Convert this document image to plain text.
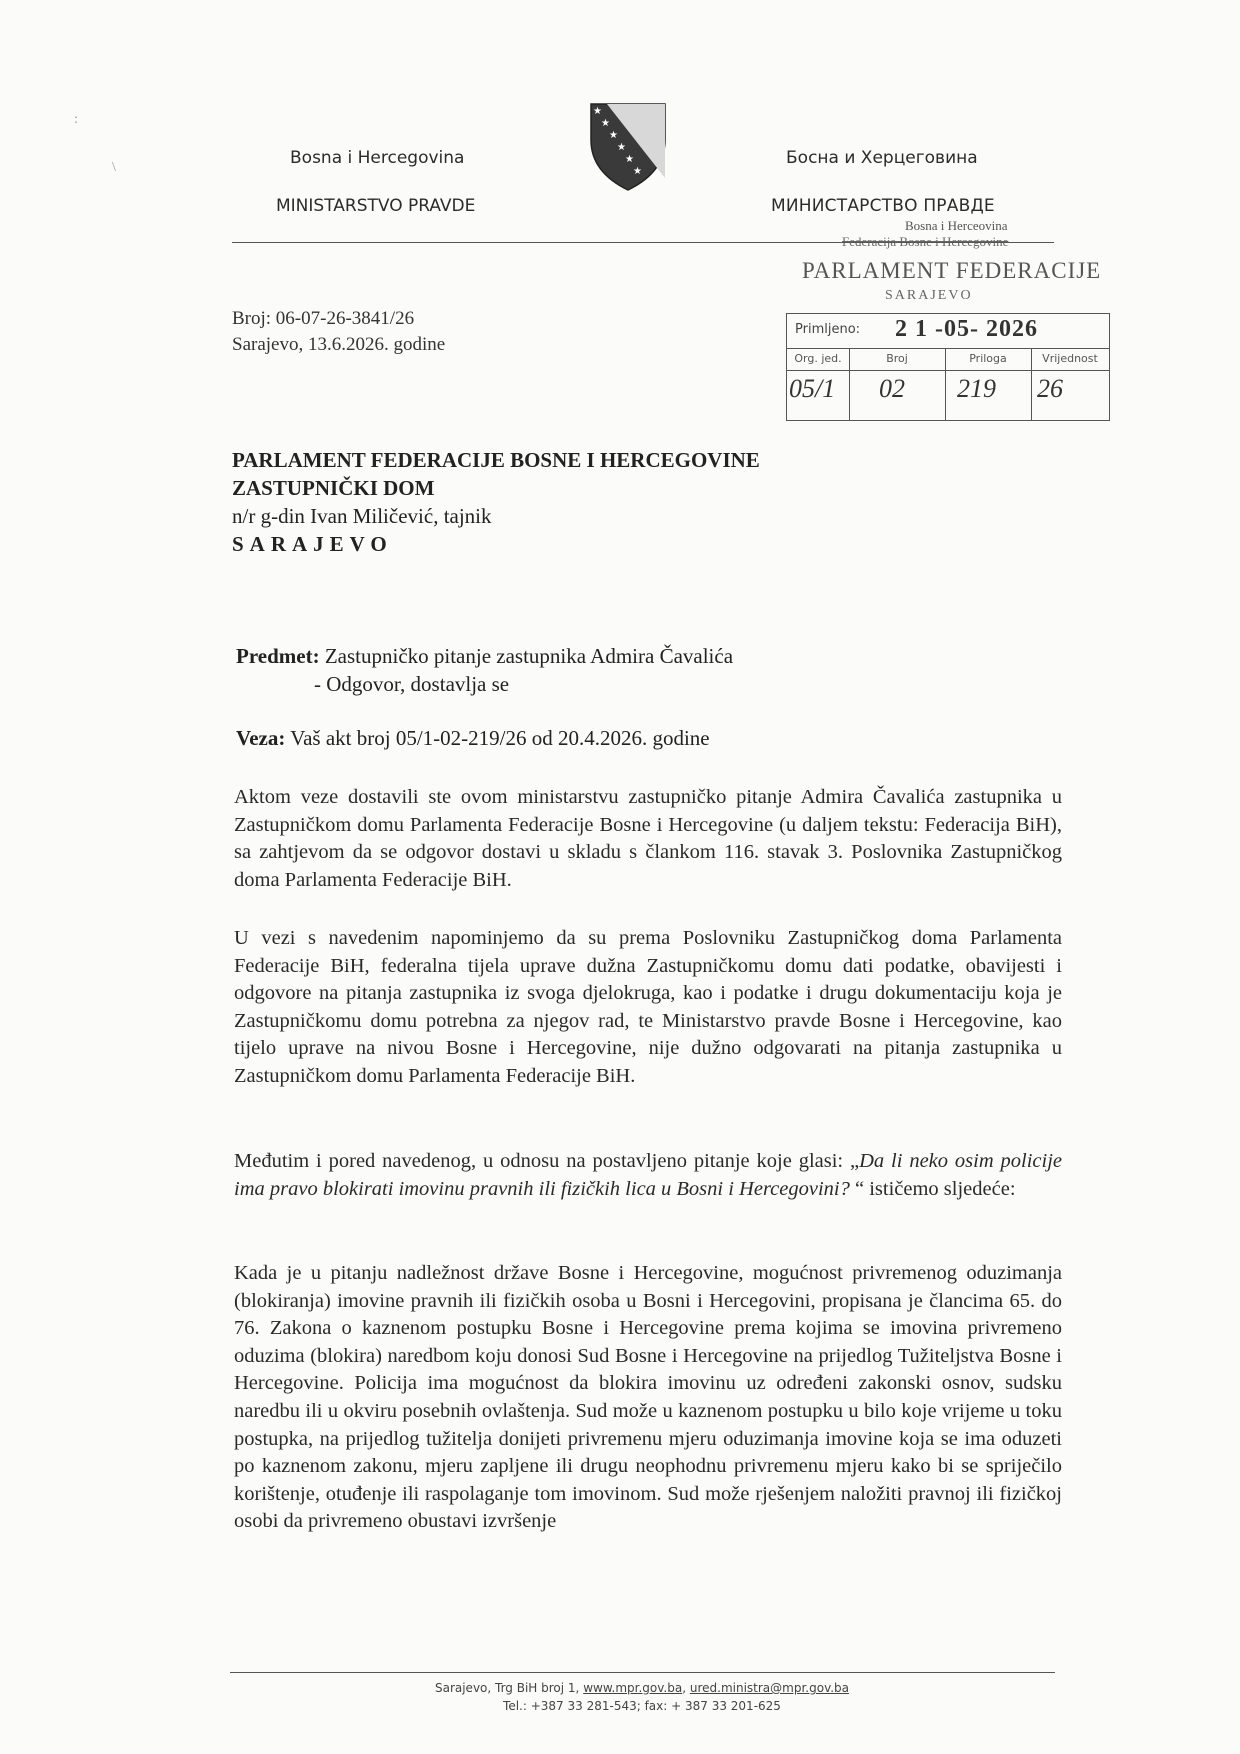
Bosna i Hercegovina
MINISTARSTVO PRAVDE
★
★
★
★
★
★
Босна и Херцеговина
МИНИСТАРСТВО ПРАВДЕ
Bosna i Herceovina
Federacija Bosne i Hercegovine
PARLAMENT FEDERACIJE
SARAJEVO
Primljeno: 2 1 -05- 2026
Org. jed.	Broj	Priloga	Vrijednost
05/1 02 219 26
Broj: 06-07-26-3841/26
Sarajevo, 13.6.2026. godine
PARLAMENT FEDERACIJE BOSNE I HERCEGOVINE
ZASTUPNIČKI DOM
n/r g-din Ivan Miličević, tajnik
SARAJEVO
Predmet: Zastupničko pitanje zastupnika Admira Čavalića
- Odgovor, dostavlja se
Veza: Vaš akt broj 05/1-02-219/26 od 20.4.2026. godine
Aktom veze dostavili ste ovom ministarstvu zastupničko pitanje Admira Čavalića zastupnika u Zastupničkom domu Parlamenta Federacije Bosne i Hercegovine (u daljem tekstu: Federacija BiH), sa zahtjevom da se odgovor dostavi u skladu s člankom 116. stavak 3. Poslovnika Zastupničkog doma Parlamenta Federacije BiH.
U vezi s navedenim napominjemo da su prema Poslovniku Zastupničkog doma Parlamenta Federacije BiH, federalna tijela uprave dužna Zastupničkomu domu dati podatke, obavijesti i odgovore na pitanja zastupnika iz svoga djelokruga, kao i podatke i drugu dokumentaciju koja je Zastupničkomu domu potrebna za njegov rad, te Ministarstvo pravde Bosne i Hercegovine, kao tijelo uprave na nivou Bosne i Hercegovine, nije dužno odgovarati na pitanja zastupnika u Zastupničkom domu Parlamenta Federacije BiH.
Međutim i pored navedenog, u odnosu na postavljeno pitanje koje glasi: „Da li neko osim policije ima pravo blokirati imovinu pravnih ili fizičkih lica u Bosni i Hercegovini? “ ističemo sljedeće:
Kada je u pitanju nadležnost države Bosne i Hercegovine, mogućnost privremenog oduzimanja (blokiranja) imovine pravnih ili fizičkih osoba u Bosni i Hercegovini, propisana je člancima 65. do 76. Zakona o kaznenom postupku Bosne i Hercegovine prema kojima se imovina privremeno oduzima (blokira) naredbom koju donosi Sud Bosne i Hercegovine na prijedlog Tužiteljstva Bosne i Hercegovine. Policija ima mogućnost da blokira imovinu uz određeni zakonski osnov, sudsku naredbu ili u okviru posebnih ovlaštenja. Sud može u kaznenom postupku u bilo koje vrijeme u toku postupka, na prijedlog tužitelja donijeti privremenu mjeru oduzimanja imovine koja se ima oduzeti po kaznenom zakonu, mjeru zapljene ili drugu neophodnu privremenu mjeru kako bi se spriječilo korištenje, otuđenje ili raspolaganje tom imovinom. Sud može rješenjem naložiti pravnoj ili fizičkoj osobi da privremeno obustavi izvršenje
Sarajevo, Trg BiH broj 1, www.mpr.gov.ba, ured.ministra@mpr.gov.ba
Tel.: +387 33 281-543; fax: + 387 33 201-625
:
\
